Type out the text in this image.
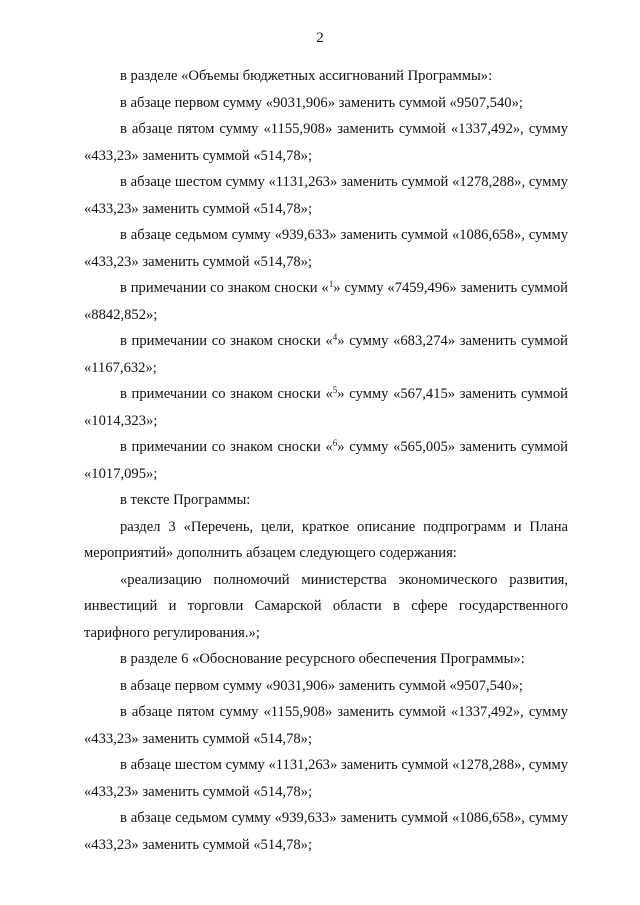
2

в разделе «Объемы бюджетных ассигнований Программы»:

в абзаце первом сумму «9031,906» заменить суммой «9507,540»;

в абзаце пятом сумму «1155,908» заменить суммой «1337,492», сумму «433,23» заменить суммой «514,78»;

в абзаце шестом сумму «1131,263» заменить суммой «1278,288», сумму «433,23» заменить суммой «514,78»;

в абзаце седьмом сумму «939,633» заменить суммой «1086,658», сумму «433,23» заменить суммой «514,78»;

в примечании со знаком сноски «$^1$» сумму «7459,496» заменить суммой «8842,852»;

в примечании со знаком сноски «$^4$» сумму «683,274» заменить суммой «1167,632»;

в примечании со знаком сноски «$^5$» сумму «567,415» заменить суммой «1014,323»;

в примечании со знаком сноски «$^6$» сумму «565,005» заменить суммой «1017,095»;

в тексте Программы:

раздел 3 «Перечень, цели, краткое описание подпрограмм и Плана мероприятий» дополнить абзацем следующего содержания:

«реализацию полномочий министерства экономического развития, инвестиций и торговли Самарской области в сфере государственного тарифного регулирования.»;

в разделе 6 «Обоснование ресурсного обеспечения Программы»:

в абзаце первом сумму «9031,906» заменить суммой «9507,540»;

в абзаце пятом сумму «1155,908» заменить суммой «1337,492», сумму «433,23» заменить суммой «514,78»;

в абзаце шестом сумму «1131,263» заменить суммой «1278,288», сумму «433,23» заменить суммой «514,78»;

в абзаце седьмом сумму «939,633» заменить суммой «1086,658», сумму «433,23» заменить суммой «514,78»;
